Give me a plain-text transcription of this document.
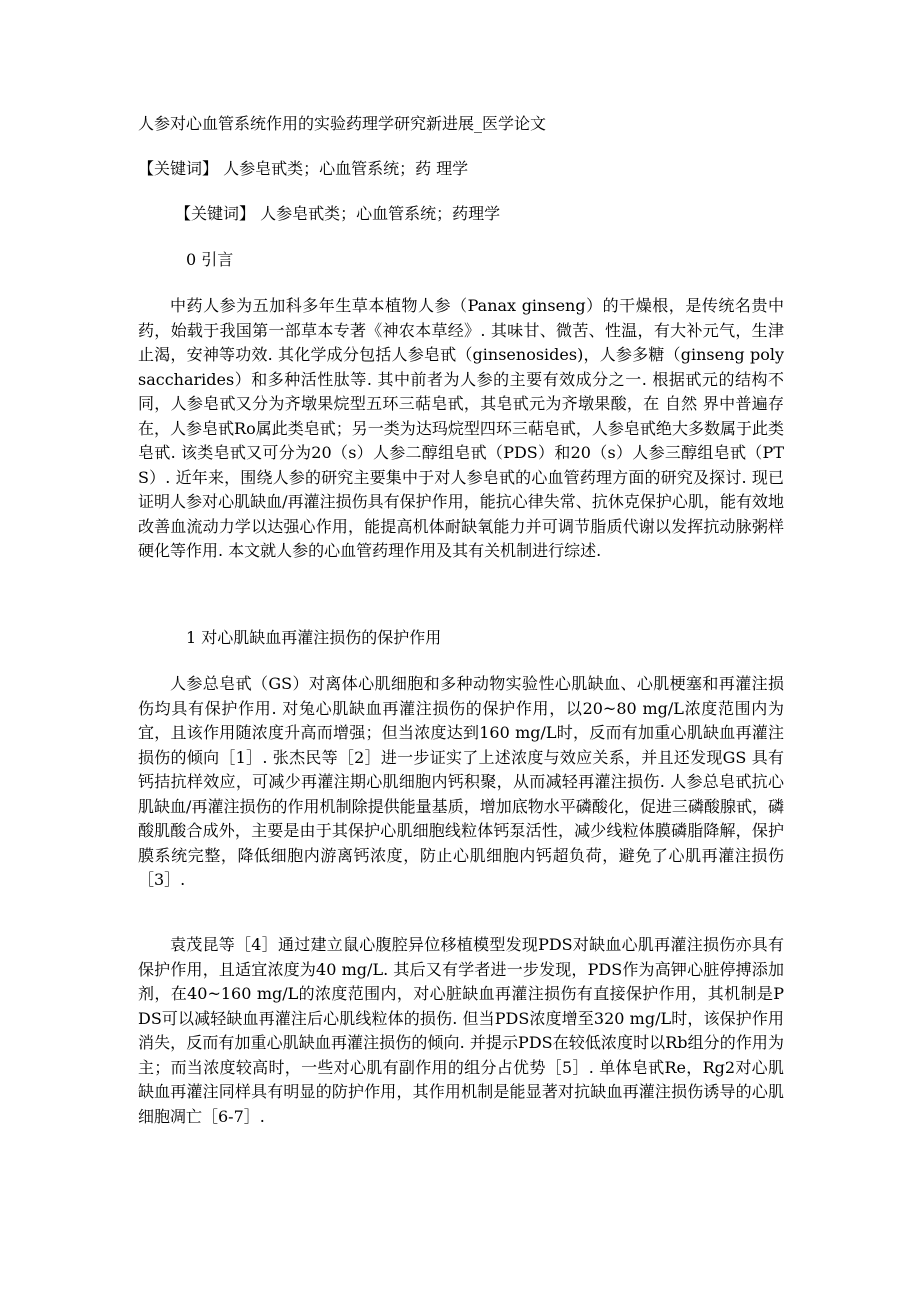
人参对心血管系统作用的实验药理学研究新进展_医学论文
【关键词】 人参皂甙类；心血管系统；药 理学
【关键词】 人参皂甙类；心血管系统；药理学
0 引言

中药人参为五加科多年生草本植物人参（Panax ginseng）的干燥根，是传统名贵中药，始载于我国第一部草本专著《神农本草经》. 其味甘、微苦、性温，有大补元气，生津止渴，安神等功效. 其化学成分包括人参皂甙（ginsenosides)，人参多糖（ginseng polysaccharides）和多种活性肽等. 其中前者为人参的主要有效成分之一. 根据甙元的结构不同，人参皂甙又分为齐墩果烷型五环三萜皂甙，其皂甙元为齐墩果酸，在 自然 界中普遍存在，人参皂甙Ro属此类皂甙；另一类为达玛烷型四环三萜皂甙，人参皂甙绝大多数属于此类皂甙. 该类皂甙又可分为20（s）人参二醇组皂甙（PDS）和20（s）人参三醇组皂甙（PTS）. 近年来，围绕人参的研究主要集中于对人参皂甙的心血管药理方面的研究及探讨. 现已证明人参对心肌缺血/再灌注损伤具有保护作用，能抗心律失常、抗休克保护心肌，能有效地改善血流动力学以达强心作用，能提高机体耐缺氧能力并可调节脂质代谢以发挥抗动脉粥样硬化等作用. 本文就人参的心血管药理作用及其有关机制进行综述.

1 对心肌缺血再灌注损伤的保护作用

人参总皂甙（GS）对离体心肌细胞和多种动物实验性心肌缺血、心肌梗塞和再灌注损伤均具有保护作用. 对兔心肌缺血再灌注损伤的保护作用，以20~80 mg/L浓度范围内为宜，且该作用随浓度升高而增强；但当浓度达到160 mg/L时，反而有加重心肌缺血再灌注损伤的倾向［1］. 张杰民等［2］进一步证实了上述浓度与效应关系，并且还发现GS 具有钙拮抗样效应，可减少再灌注期心肌细胞内钙积聚，从而减轻再灌注损伤. 人参总皂甙抗心肌缺血/再灌注损伤的作用机制除提供能量基质，增加底物水平磷酸化，促进三磷酸腺甙，磷酸肌酸合成外，主要是由于其保护心肌细胞线粒体钙泵活性，减少线粒体膜磷脂降解，保护膜系统完整，降低细胞内游离钙浓度，防止心肌细胞内钙超负荷，避免了心肌再灌注损伤［3］.

袁茂昆等［4］通过建立鼠心腹腔异位移植模型发现PDS对缺血心肌再灌注损伤亦具有保护作用，且适宜浓度为40 mg/L. 其后又有学者进一步发现，PDS作为高钾心脏停搏添加剂，在40~160 mg/L的浓度范围内，对心脏缺血再灌注损伤有直接保护作用，其机制是PDS可以减轻缺血再灌注后心肌线粒体的损伤. 但当PDS浓度增至320 mg/L时，该保护作用消失，反而有加重心肌缺血再灌注损伤的倾向. 并提示PDS在较低浓度时以Rb组分的作用为主；而当浓度较高时，一些对心肌有副作用的组分占优势［5］. 单体皂甙Re，Rg2对心肌缺血再灌注同样具有明显的防护作用，其作用机制是能显著对抗缺血再灌注损伤诱导的心肌细胞凋亡［6-7］.
